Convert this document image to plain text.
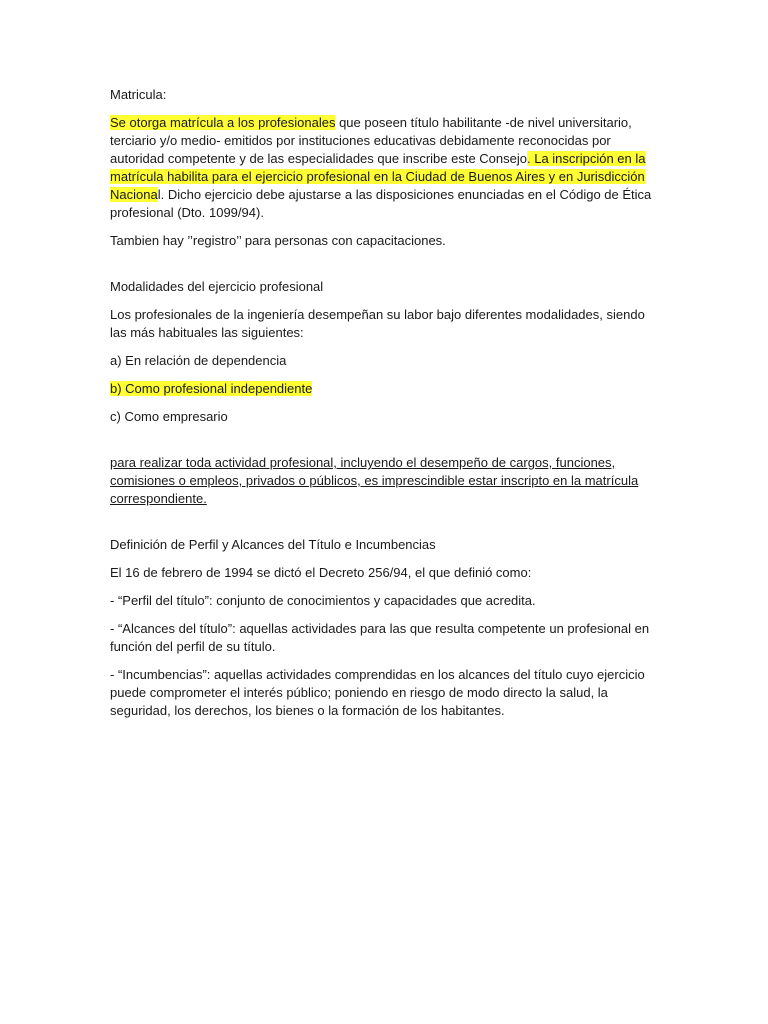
Matricula:

Se otorga matrícula a los profesionales que poseen título habilitante -de nivel universitario, terciario y/o medio- emitidos por instituciones educativas debidamente reconocidas por autoridad competente y de las especialidades que inscribe este Consejo. La inscripción en la matrícula habilita para el ejercicio profesional en la Ciudad de Buenos Aires y en Jurisdicción Nacional. Dicho ejercicio debe ajustarse a las disposiciones enunciadas en el Código de Ética profesional (Dto. 1099/94).

Tambien hay ’’registro’’ para personas con capacitaciones.

Modalidades del ejercicio profesional

Los profesionales de la ingeniería desempeñan su labor bajo diferentes modalidades, siendo las más habituales las siguientes:

a) En relación de dependencia

b) Como profesional independiente

c) Como empresario

para realizar toda actividad profesional, incluyendo el desempeño de cargos, funciones, comisiones o empleos, privados o públicos, es imprescindible estar inscripto en la matrícula correspondiente.

Definición de Perfil y Alcances del Título e Incumbencias

El 16 de febrero de 1994 se dictó el Decreto 256/94, el que definió como:

- “Perfil del título”: conjunto de conocimientos y capacidades que acredita.

- “Alcances del título”: aquellas actividades para las que resulta competente un profesional en función del perfil de su título.

- “Incumbencias”: aquellas actividades comprendidas en los alcances del título cuyo ejercicio puede comprometer el interés público; poniendo en riesgo de modo directo la salud, la seguridad, los derechos, los bienes o la formación de los habitantes.
